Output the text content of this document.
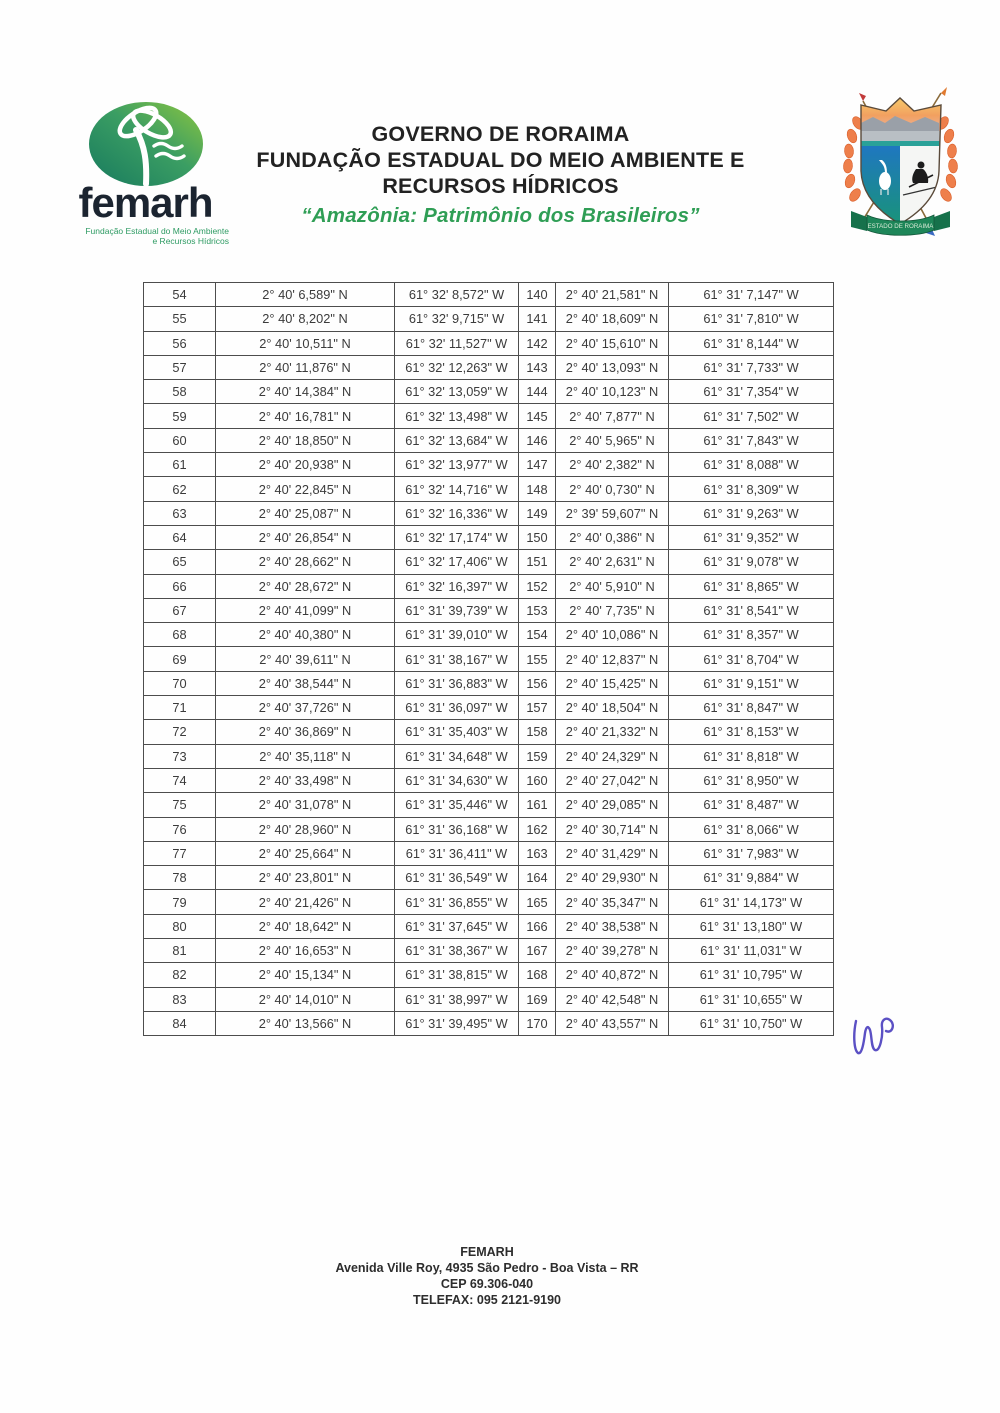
femarh
Fundação Estadual do Meio Ambiente
e Recursos Hídricos
GOVERNO DE RORAIMA
FUNDAÇÃO ESTADUAL DO MEIO AMBIENTE E
RECURSOS HÍDRICOS
“Amazônia: Patrimônio dos Brasileiros”	ESTADO DE RORAIMA
54	2° 40' 6,589" N	61° 32' 8,572" W	140	2° 40' 21,581" N	61° 31' 7,147" W
55	2° 40' 8,202" N	61° 32' 9,715" W	141	2° 40' 18,609" N	61° 31' 7,810" W
56	2° 40' 10,511" N	61° 32' 11,527" W	142	2° 40' 15,610" N	61° 31' 8,144" W
57	2° 40' 11,876" N	61° 32' 12,263" W	143	2° 40' 13,093" N	61° 31' 7,733" W
58	2° 40' 14,384" N	61° 32' 13,059" W	144	2° 40' 10,123" N	61° 31' 7,354" W
59	2° 40' 16,781" N	61° 32' 13,498" W	145	2° 40' 7,877" N	61° 31' 7,502" W
60	2° 40' 18,850" N	61° 32' 13,684" W	146	2° 40' 5,965" N	61° 31' 7,843" W
61	2° 40' 20,938" N	61° 32' 13,977" W	147	2° 40' 2,382" N	61° 31' 8,088" W
62	2° 40' 22,845" N	61° 32' 14,716" W	148	2° 40' 0,730" N	61° 31' 8,309" W
63	2° 40' 25,087" N	61° 32' 16,336" W	149	2° 39' 59,607" N	61° 31' 9,263" W
64	2° 40' 26,854" N	61° 32' 17,174" W	150	2° 40' 0,386" N	61° 31' 9,352" W
65	2° 40' 28,662" N	61° 32' 17,406" W	151	2° 40' 2,631" N	61° 31' 9,078" W
66	2° 40' 28,672" N	61° 32' 16,397" W	152	2° 40' 5,910" N	61° 31' 8,865" W
67	2° 40' 41,099" N	61° 31' 39,739" W	153	2° 40' 7,735" N	61° 31' 8,541" W
68	2° 40' 40,380" N	61° 31' 39,010" W	154	2° 40' 10,086" N	61° 31' 8,357" W
69	2° 40' 39,611" N	61° 31' 38,167" W	155	2° 40' 12,837" N	61° 31' 8,704" W
70	2° 40' 38,544" N	61° 31' 36,883" W	156	2° 40' 15,425" N	61° 31' 9,151" W
71	2° 40' 37,726" N	61° 31' 36,097" W	157	2° 40' 18,504" N	61° 31' 8,847" W
72	2° 40' 36,869" N	61° 31' 35,403" W	158	2° 40' 21,332" N	61° 31' 8,153" W
73	2° 40' 35,118" N	61° 31' 34,648" W	159	2° 40' 24,329" N	61° 31' 8,818" W
74	2° 40' 33,498" N	61° 31' 34,630" W	160	2° 40' 27,042" N	61° 31' 8,950" W
75	2° 40' 31,078" N	61° 31' 35,446" W	161	2° 40' 29,085" N	61° 31' 8,487" W
76	2° 40' 28,960" N	61° 31' 36,168" W	162	2° 40' 30,714" N	61° 31' 8,066" W
77	2° 40' 25,664" N	61° 31' 36,411" W	163	2° 40' 31,429" N	61° 31' 7,983" W
78	2° 40' 23,801" N	61° 31' 36,549" W	164	2° 40' 29,930" N	61° 31' 9,884" W
79	2° 40' 21,426" N	61° 31' 36,855" W	165	2° 40' 35,347" N	61° 31' 14,173" W
80	2° 40' 18,642" N	61° 31' 37,645" W	166	2° 40' 38,538" N	61° 31' 13,180" W
81	2° 40' 16,653" N	61° 31' 38,367" W	167	2° 40' 39,278" N	61° 31' 11,031" W
82	2° 40' 15,134" N	61° 31' 38,815" W	168	2° 40' 40,872" N	61° 31' 10,795" W
83	2° 40' 14,010" N	61° 31' 38,997" W	169	2° 40' 42,548" N	61° 31' 10,655" W
84	2° 40' 13,566" N	61° 31' 39,495" W	170	2° 40' 43,557" N	61° 31' 10,750" W
FEMARH
Avenida Ville Roy, 4935 São Pedro - Boa Vista – RR
CEP 69.306-040
TELEFAX: 095 2121-9190
